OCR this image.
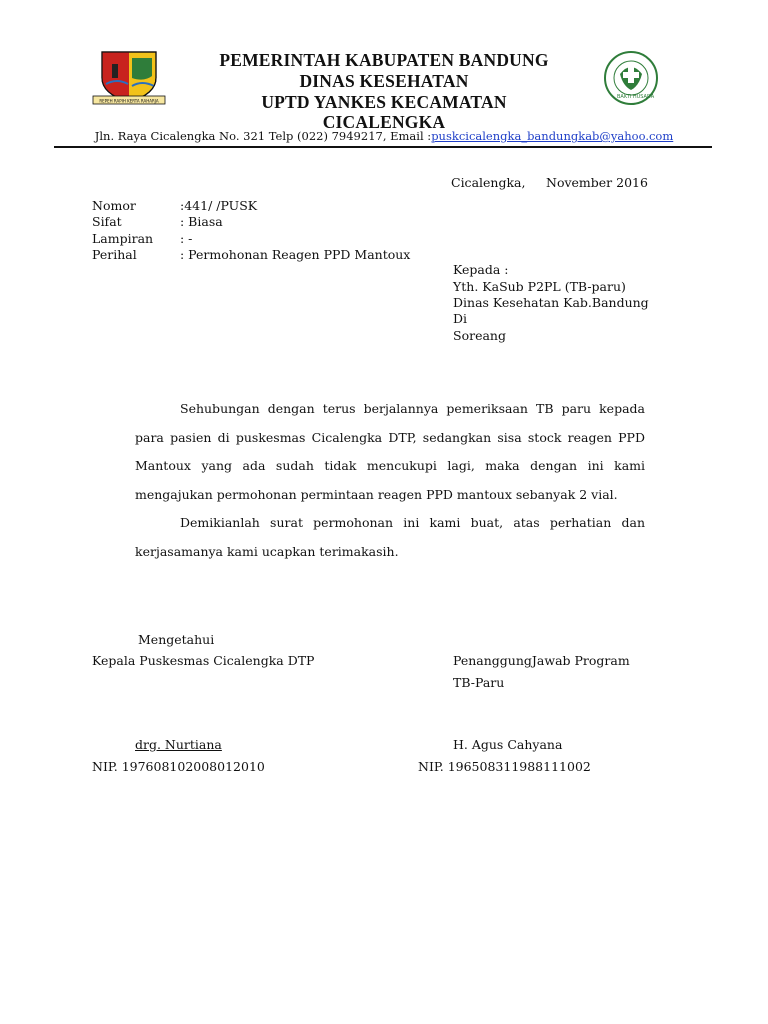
REPEH RAPIH KERTA RAHARJA
BAKTI HUSADA
PEMERINTAH KABUPATEN BANDUNG
DINAS KESEHATAN
UPTD YANKES KECAMATAN
CICALENGKA
Jln. Raya Cicalengka No. 321 Telp (022) 7949217, Email :puskcicalengka_bandungkab@yahoo.com
Cicalengka, November 2016
Nomor	:441/ /PUSK
Sifat	: Biasa
Lampiran : -
Perihal	: Permohonan Reagen PPD Mantoux
Kepada :
Yth. KaSub P2PL (TB-paru)
Dinas Kesehatan Kab.Bandung
Di
Soreang

Sehubungan dengan terus berjalannya pemeriksaan TB paru kepada para pasien di puskesmas Cicalengka DTP, sedangkan sisa stock reagen PPD Mantoux yang ada sudah tidak mencukupi lagi, maka dengan ini kami mengajukan permohonan permintaan reagen PPD mantoux sebanyak 2 vial.

Demikianlah surat permohonan ini kami buat, atas perhatian dan kerjasamanya kami ucapkan terimakasih.

Mengetahui
Kepala Puskesmas Cicalengka DTP
drg. Nurtiana
NIP. 197608102008012010
PenanggungJawab Program
TB-Paru
H. Agus Cahyana
NIP. 196508311988111002
